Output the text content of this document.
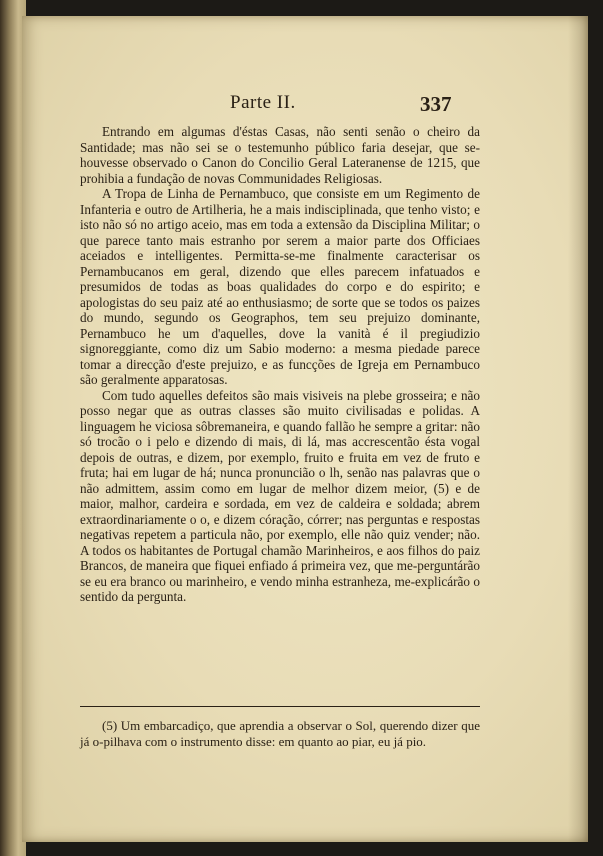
Parte II.	337

Entrando em algumas d'éstas Casas, não senti senão o cheiro da Santidade; mas não sei se o testemunho público faria desejar, que se-houvesse observado o Canon do Concilio Geral Lateranense de 1215, que prohibia a fundação de novas Communidades Religiosas.

A Tropa de Linha de Pernambuco, que consiste em um Regimento de Infanteria e outro de Artilheria, he a mais indisciplinada, que tenho visto; e isto não só no artigo aceio, mas em toda a extensão da Disciplina Militar; o que parece tanto mais estranho por serem a maior parte dos Officiaes aceiados e intelligentes. Permitta-se-me finalmente caracterisar os Pernambucanos em geral, dizendo que elles parecem infatuados e presumidos de todas as boas qualidades do corpo e do espirito; e apologistas do seu paiz até ao enthusiasmo; de sorte que se todos os paizes do mundo, segundo os Geographos, tem seu prejuizo dominante, Pernambuco he um d'aquelles, dove la vanità é il pregiudizio signoreggiante, como diz um Sabio moderno: a mesma piedade parece tomar a direcção d'este prejuizo, e as funcções de Igreja em Pernambuco são geralmente apparatosas.

Com tudo aquelles defeitos são mais visiveis na plebe grosseira; e não posso negar que as outras classes são muito civilisadas e polidas. A linguagem he viciosa sôbremaneira, e quando fallão he sempre a gritar: não só trocão o i pelo e dizendo di mais, di lá, mas accrescentão ésta vogal depois de outras, e dizem, por exemplo, fruito e fruita em vez de fruto e fruta; hai em lugar de há; nunca pronuncião o lh, senão nas palavras que o não admittem, assim como em lugar de melhor dizem meior, (5) e de maior, malhor, cardeira e sordada, em vez de caldeira e soldada; abrem extraordinariamente o o, e dizem córação, córrer; nas perguntas e respostas negativas repetem a particula não, por exemplo, elle não quiz vender; não. A todos os habitantes de Portugal chamão Marinheiros, e aos filhos do paiz Brancos, de maneira que fiquei enfiado á primeira vez, que me-perguntárão se eu era branco ou marinheiro, e vendo minha estranheza, me-explicárão o sentido da pergunta.

(5) Um embarcadiço, que aprendia a observar o Sol, querendo dizer que já o-pilhava com o instrumento disse: em quanto ao piar, eu já pio.
